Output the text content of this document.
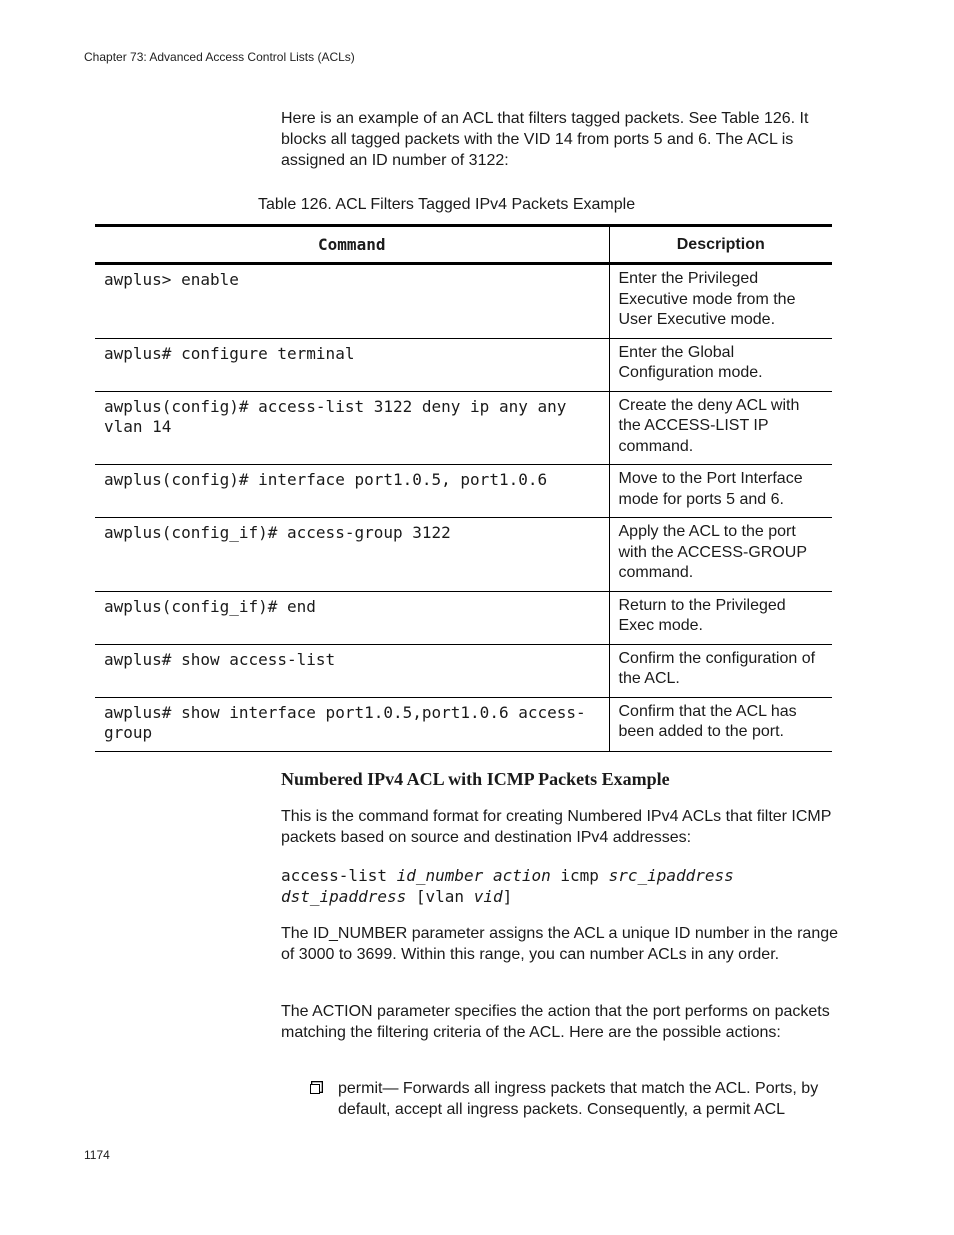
Chapter 73: Advanced Access Control Lists (ACLs)

Here is an example of an ACL that filters tagged packets. See Table 126. It blocks all tagged packets with the VID 14 from ports 5 and 6. The ACL is assigned an ID number of 3122:

Table 126. ACL Filters Tagged IPv4 Packets Example
Command	Description
awplus> enable	Enter the Privileged Executive mode from the User Executive mode.
awplus# configure terminal	Enter the Global Configuration mode.
awplus(config)# access-list 3122 deny ip any any vlan 14	Create the deny ACL with the ACCESS-LIST IP command.
awplus(config)# interface port1.0.5, port1.0.6	Move to the Port Interface mode for ports 5 and 6.
awplus(config_if)# access-group 3122	Apply the ACL to the port with the ACCESS-GROUP command.
awplus(config_if)# end	Return to the Privileged Exec mode.
awplus# show access-list	Confirm the configuration of the ACL.
awplus# show interface port1.0.5,port1.0.6 access-group	Confirm that the ACL has been added to the port.
Numbered IPv4 ACL with ICMP Packets Example

This is the command format for creating Numbered IPv4 ACLs that filter ICMP packets based on source and destination IPv4 addresses:

access-list id_number action icmp src_ipaddress
dst_ipaddress [vlan vid]

The ID_NUMBER parameter assigns the ACL a unique ID number in the range of 3000 to 3699. Within this range, you can number ACLs in any order.

The ACTION parameter specifies the action that the port performs on packets matching the filtering criteria of the ACL. Here are the possible actions:

permit— Forwards all ingress packets that match the ACL. Ports, by default, accept all ingress packets. Consequently, a permit ACL
1174
